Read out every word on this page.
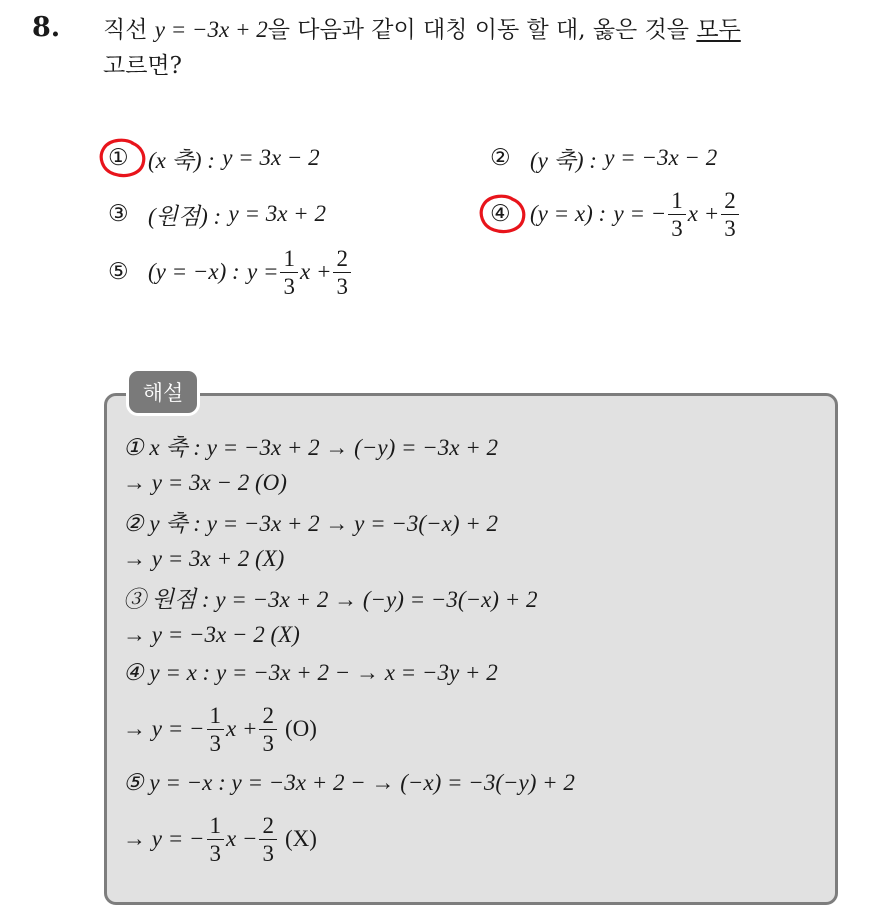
8. 직선 y = −3x + 2을 다음과 같이 대칭 이동 할 대, 옳은 것을 모두
고르면?
① (x 축) :
y = 3x − 2	② (y 축) :
y = −3x − 2
③ (원점) :
y = 3x + 2	④ (y = x) :
y = − $\frac{1}{3}$ $x + \frac{2}{3}$
⑤ (y = −x) :
$y = \frac{1}{3}$ $x + \frac{2}{3}$
해설
① x 축 : y = −3x + 2 → (−y) = −3x + 2
→ y = 3x − 2 (O)
② y 축 : y = −3x + 2 → y = −3(−x) + 2
→ y = 3x + 2 (X)
③ 원점 : y = −3x + 2 → (−y) = −3(−x) + 2
→ y = −3x − 2 (X)
④ y = x : y = −3x + 2 − → x = −3y + 2
→ y = − $\frac{1}{3}$ $x + \frac{2}{3} (O)$
⑤ y = −x : y = −3x + 2 − → (−x) = −3(−y) + 2
→ y = − $\frac{1}{3}$ $x - \frac{2}{3} (X)$
